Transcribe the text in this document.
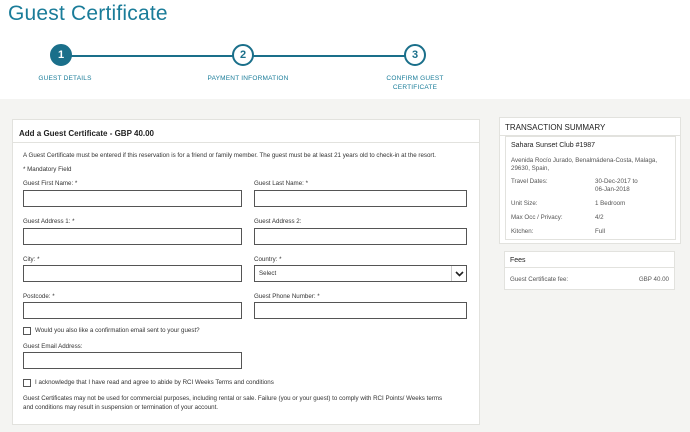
Guest Certificate
1	2	3
GUEST DETAILS	PAYMENT INFORMATION	CONFIRM GUEST
CERTIFICATE
Add a Guest Certificate - GBP 40.00
A Guest Certificate must be entered if this reservation is for a friend or family member. The guest must be at least 21 years old to check-in at the resort.
* Mandatory Field
Guest First Name: *	Guest Last Name: *
Guest Address 1: *	Guest Address 2:
City: *	Country: *
Select
Postcode: *	Guest Phone Number: *
Would you also like a confirmation email sent to your guest?
Guest Email Address:
I acknowledge that I have read and agree to abide by RCI Weeks Terms and conditions
Guest Certificates may not be used for commercial purposes, including rental or sale. Failure (you or your guest) to comply with RCI Points/ Weeks terms
and conditions may result in suspension or termination of your account.
TRANSACTION SUMMARY
Sahara Sunset Club #1987
Avenida Rocío Jurado, Benalmádena-Costa, Malaga,
29630, Spain,
Travel Dates:	30-Dec-2017 to
06-Jan-2018
Unit Size:	1 Bedroom
Max Occ / Privacy:	4/2
Kitchen:	Full
Fees
Guest Certificate fee:	GBP 40.00
